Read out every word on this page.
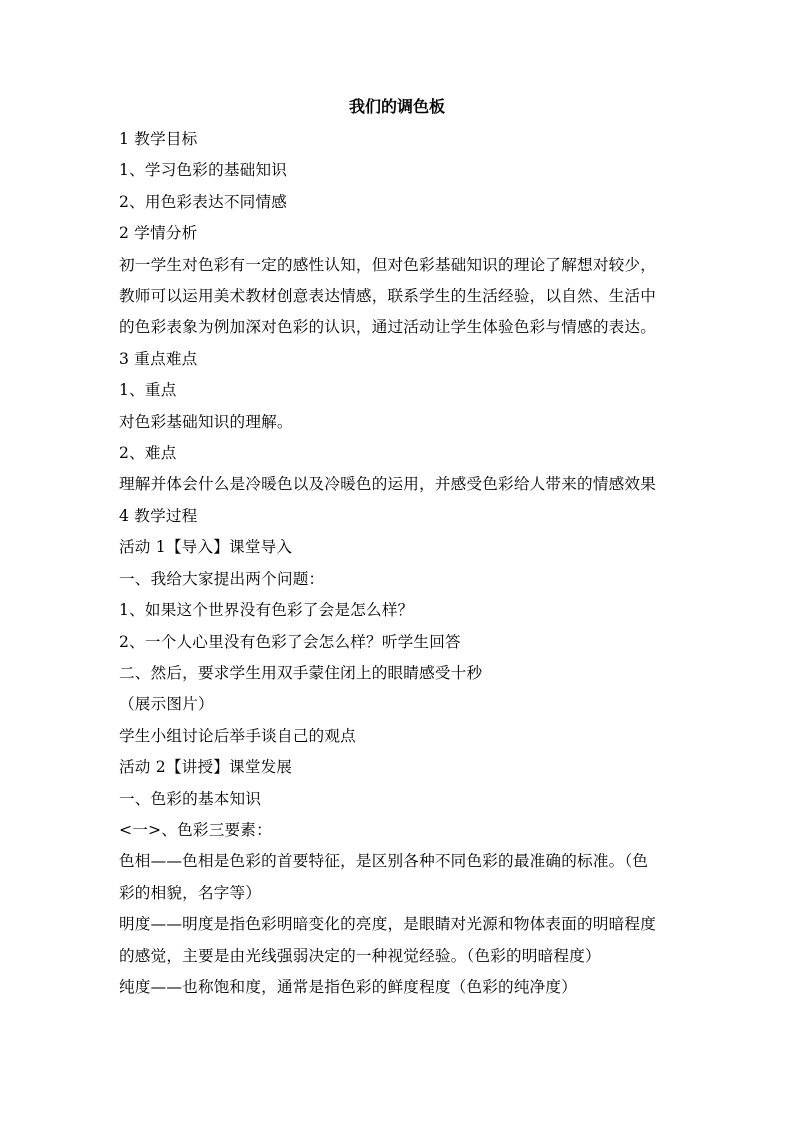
我们的调色板
1 教学目标
1、学习色彩的基础知识
2、用色彩表达不同情感
2 学情分析
初一学生对色彩有一定的感性认知，但对色彩基础知识的理论了解想对较少，
教师可以运用美术教材创意表达情感，联系学生的生活经验，以自然、生活中
的色彩表象为例加深对色彩的认识，通过活动让学生体验色彩与情感的表达。
3 重点难点
1、重点
对色彩基础知识的理解。
2、难点
理解并体会什么是冷暖色以及冷暖色的运用，并感受色彩给人带来的情感效果
4 教学过程
活动 1【导入】课堂导入
一、我给大家提出两个问题：
1、如果这个世界没有色彩了会是怎么样？
2、一个人心里没有色彩了会怎么样？听学生回答
二、然后，要求学生用双手蒙住闭上的眼睛感受十秒
（展示图片）
学生小组讨论后举手谈自己的观点
活动 2【讲授】课堂发展
一、色彩的基本知识
<一>、色彩三要素：
色相——色相是色彩的首要特征，是区别各种不同色彩的最准确的标准。（色
彩的相貌，名字等）
明度——明度是指色彩明暗变化的亮度，是眼睛对光源和物体表面的明暗程度
的感觉，主要是由光线强弱决定的一种视觉经验。（色彩的明暗程度）
纯度——也称饱和度，通常是指色彩的鲜度程度（色彩的纯净度）
